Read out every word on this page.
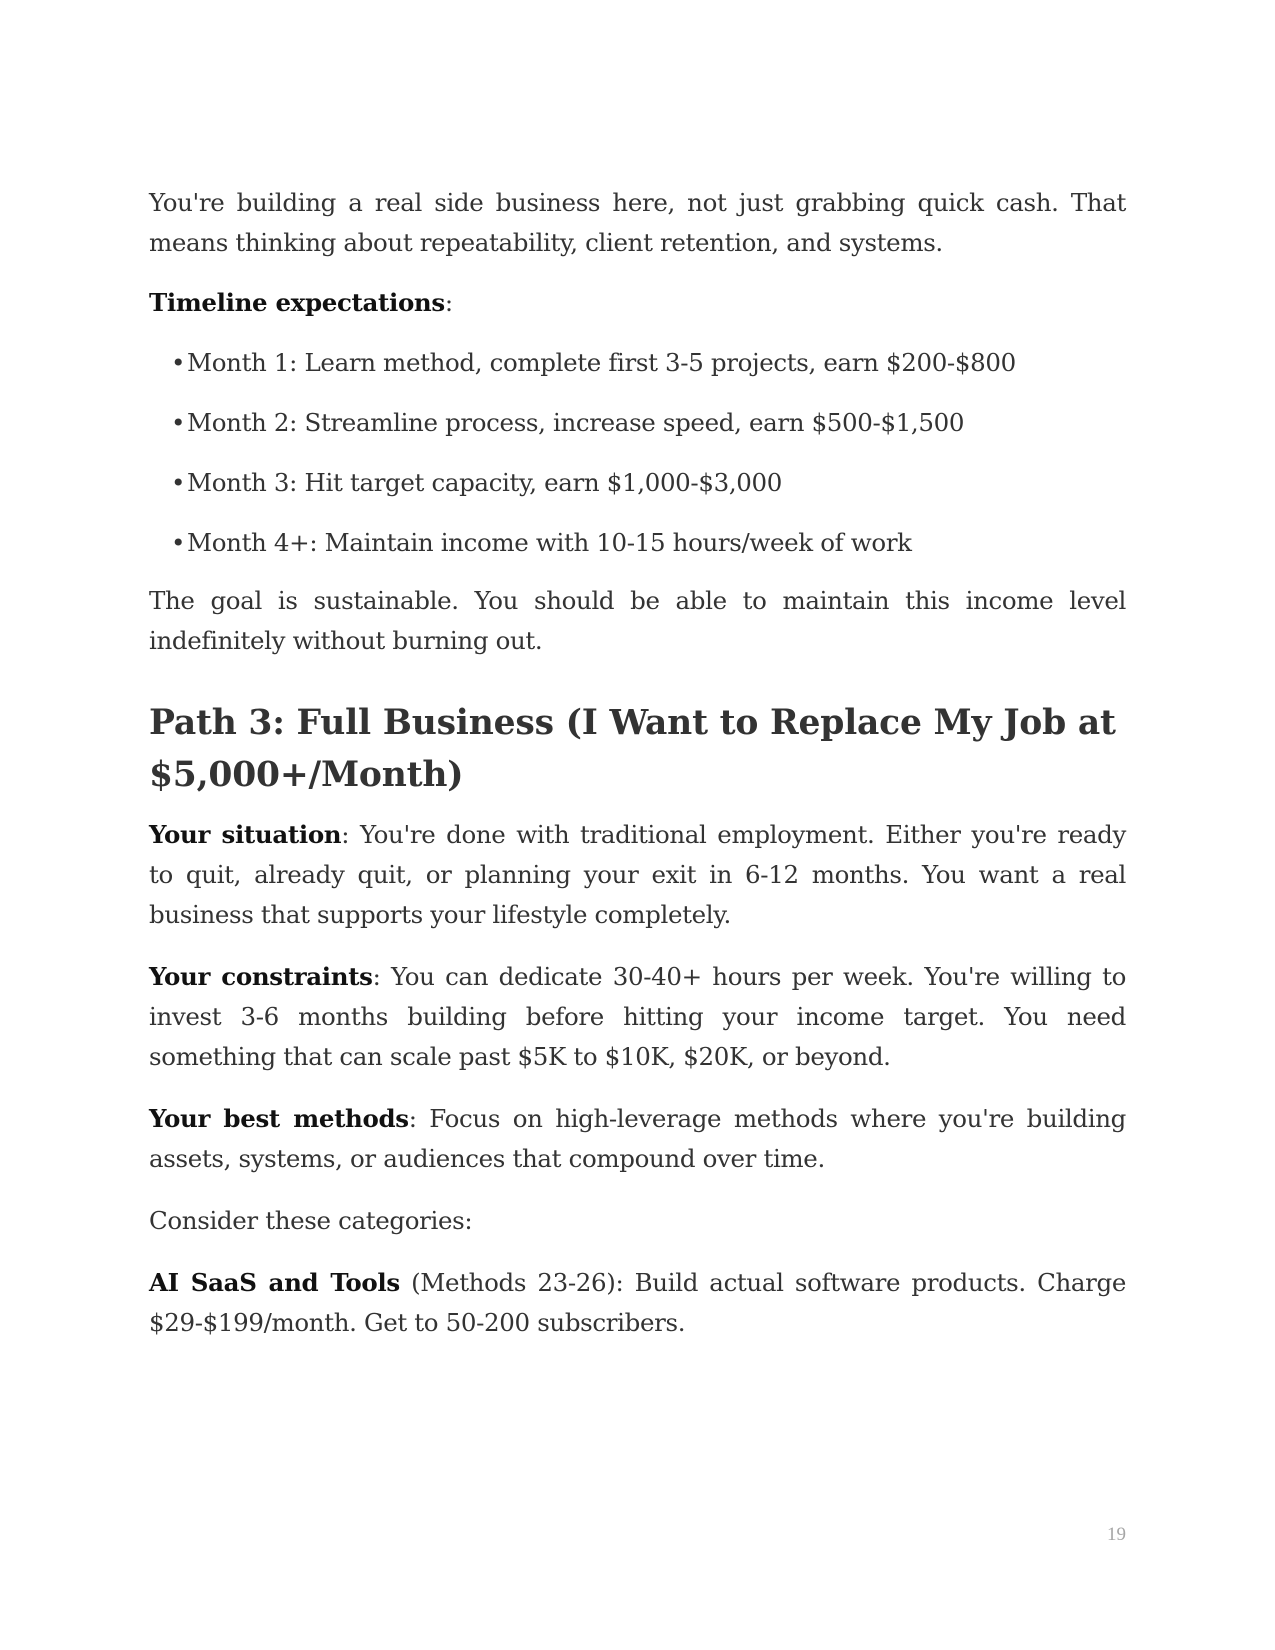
You're building a real side business here, not just grabbing quick cash. That means thinking about repeatability, client retention, and systems.

Timeline expectations:

•Month 1: Learn method, complete first 3-5 projects, earn $200-$800
•Month 2: Streamline process, increase speed, earn $500-$1,500
•Month 3: Hit target capacity, earn $1,000-$3,000
•Month 4+: Maintain income with 10-15 hours/week of work

The goal is sustainable. You should be able to maintain this income level indefinitely without burning out.

Path 3: Full Business (I Want to Replace My Job at $5,000+/Month)

Your situation: You're done with traditional employment. Either you're ready to quit, already quit, or planning your exit in 6-12 months. You want a real business that supports your lifestyle completely.

Your constraints: You can dedicate 30-40+ hours per week. You're willing to invest 3-6 months building before hitting your income target. You need something that can scale past $5K to $10K, $20K, or beyond.

Your best methods: Focus on high-leverage methods where you're building assets, systems, or audiences that compound over time.

Consider these categories:

AI SaaS and Tools (Methods 23-26): Build actual software products. Charge $29-$199/month. Get to 50-200 subscribers.

19
